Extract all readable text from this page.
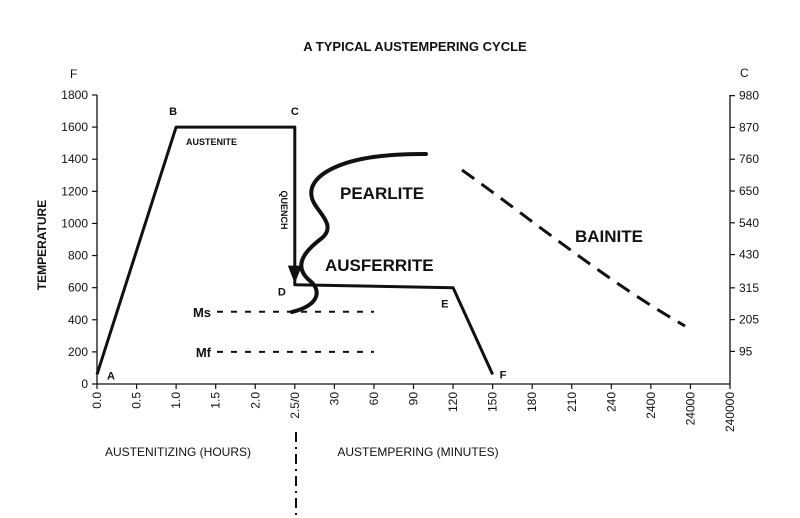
A TYPICAL AUSTEMPERING CYCLE
F	C
TEMPERATURE
0
200
400
600
800
1000
1200
1400
1600
1800	980
870
760
650
540
430
315
205
95
0.0 0.5 1.0 1.5 2.0 2.5/0 30 60 90 120 150 180 210 240 2400 24000 240000
AUSTENITIZING (HOURS)	AUSTEMPERING (MINUTES)
Ms
Mf
A
B	C
D
E
F
AUSTENITE
PEARLITE
AUSFERRITE
BAINITE
QUENCH
